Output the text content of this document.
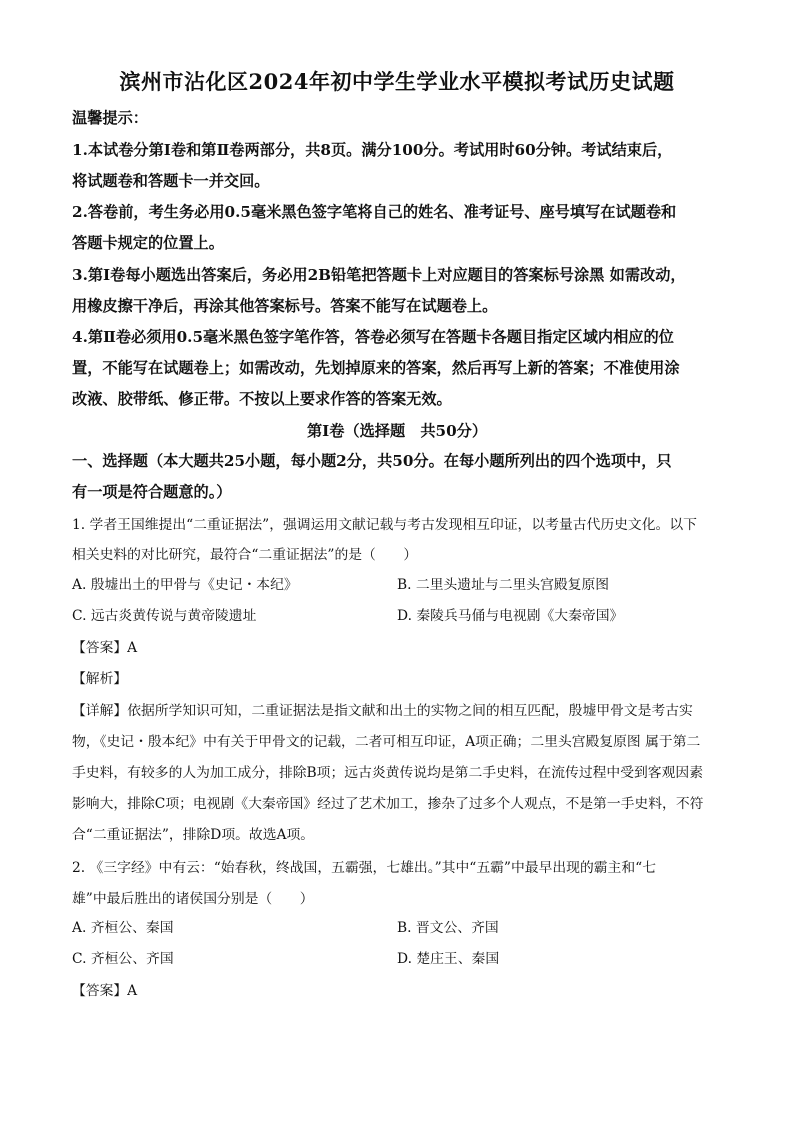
滨州市沾化区2024年初中学生学业水平模拟考试历史试题
温馨提示：
1.本试卷分第Ⅰ卷和第Ⅱ卷两部分，共8页。满分100分。考试用时60分钟。考试结束后，
将试题卷和答题卡一并交回。
2.答卷前，考生务必用0.5毫米黑色签字笔将自己的姓名、准考证号、座号填写在试题卷和
答题卡规定的位置上。
3.第Ⅰ卷每小题选出答案后，务必用2B铅笔把答题卡上对应题目的答案标号涂黑 如需改动，
用橡皮擦干净后，再涂其他答案标号。答案不能写在试题卷上。
4.第Ⅱ卷必须用0.5毫米黑色签字笔作答，答卷必须写在答题卡各题目指定区域内相应的位
置，不能写在试题卷上；如需改动，先划掉原来的答案，然后再写上新的答案；不准使用涂
改液、胶带纸、修正带。不按以上要求作答的答案无效。
第Ⅰ卷（选择题　共50分）
一、选择题（本大题共25小题，每小题2分，共50分。在每小题所列出的四个选项中，只
有一项是符合题意的。）
1. 学者王国维提出“二重证据法”，强调运用文献记载与考古发现相互印证，以考量古代历史文化。以下
相关史料的对比研究，最符合“二重证据法”的是（　　）
A. 殷墟出土的甲骨与《史记・本纪》	B. 二里头遗址与二里头宫殿复原图
C. 远古炎黄传说与黄帝陵遗址	D. 秦陵兵马俑与电视剧《大秦帝国》
【答案】A
【解析】
【详解】依据所学知识可知，二重证据法是指文献和出土的实物之间的相互匹配，殷墟甲骨文是考古实
物，《史记・殷本纪》中有关于甲骨文的记载，二者可相互印证，A项正确；二里头宫殿复原图 属于第二
手史料，有较多的人为加工成分，排除B项；远古炎黄传说均是第二手史料，在流传过程中受到客观因素
影响大，排除C项；电视剧《大秦帝国》经过了艺术加工，掺杂了过多个人观点，不是第一手史料，不符
合“二重证据法”，排除D项。故选A项。
2. 《三字经》中有云：“始春秋，终战国，五霸强，七雄出。”其中“五霸”中最早出现的霸主和“七
雄”中最后胜出的诸侯国分别是（　　）
A. 齐桓公、秦国	B. 晋文公、齐国
C. 齐桓公、齐国	D. 楚庄王、秦国
【答案】A
